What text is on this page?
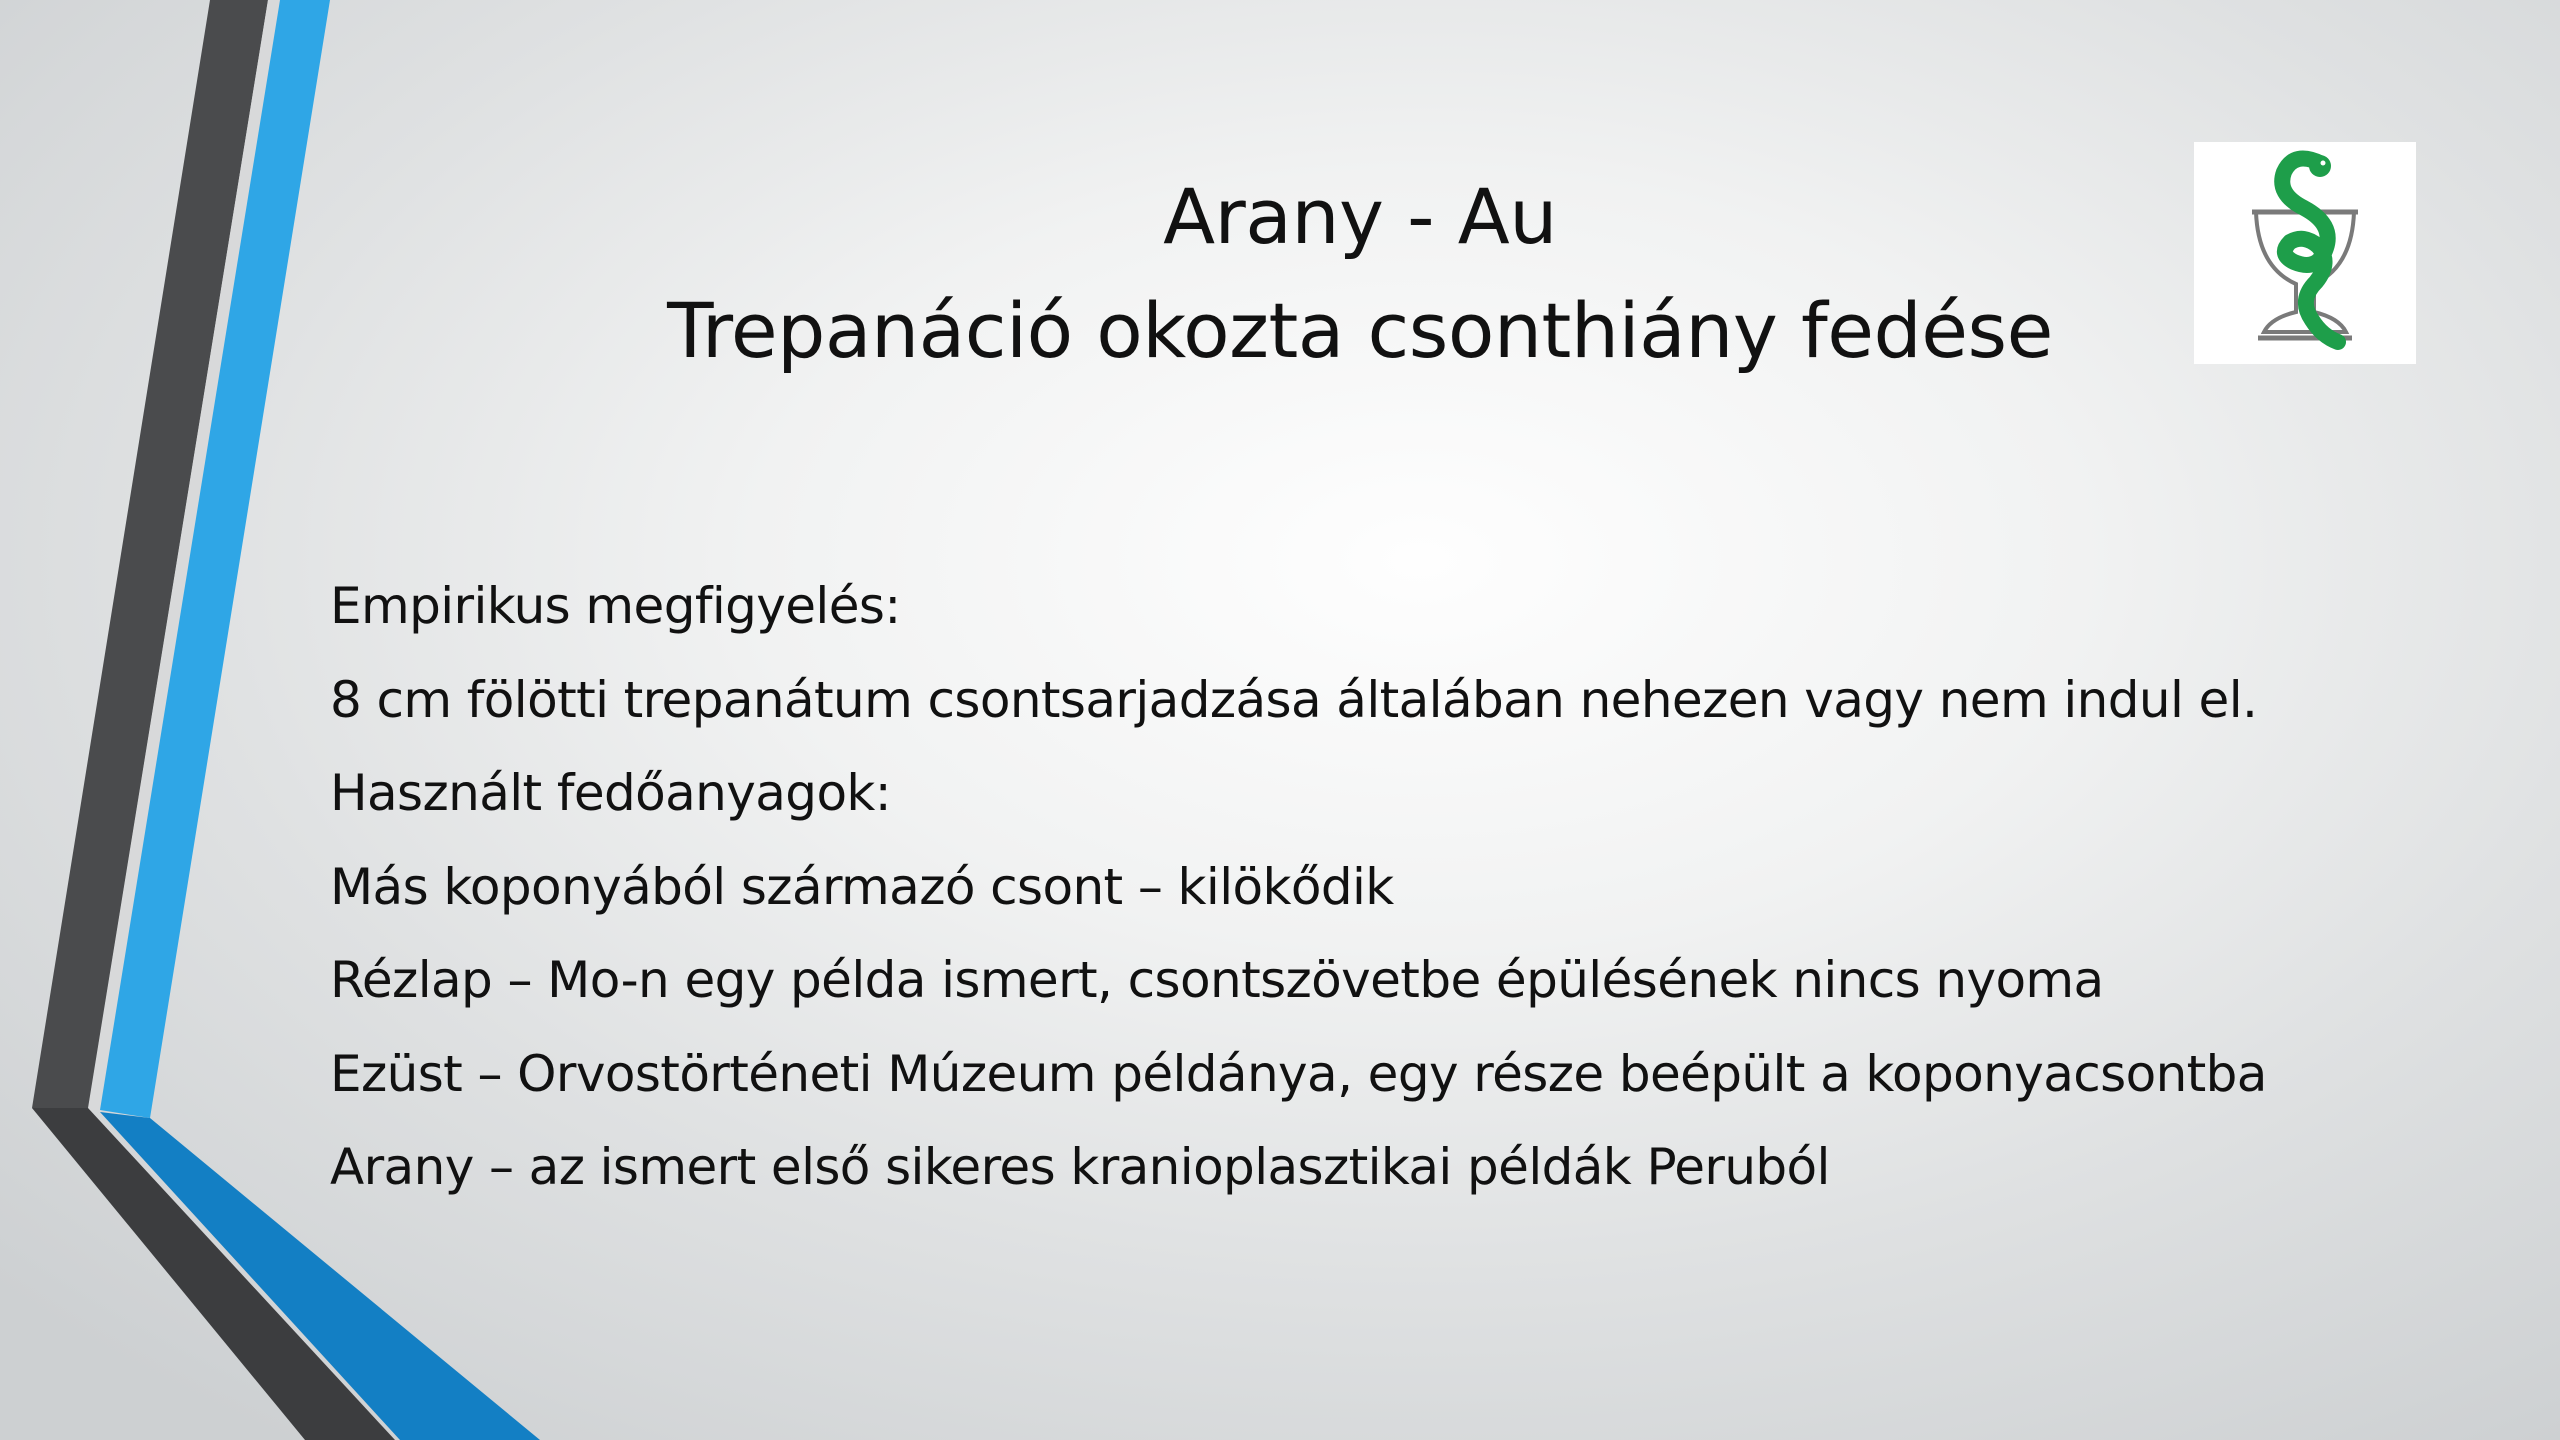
Arany - Au
Trepanáció okozta csonthiány fedése
Empirikus megfigyelés:
8 cm fölötti trepanátum csontsarjadzása általában nehezen vagy nem indul el.
Használt fedőanyagok:
Más koponyából származó csont – kilökődik
Rézlap – Mo-n egy példa ismert, csontszövetbe épülésének nincs nyoma
Ezüst – Orvostörténeti Múzeum példánya, egy része beépült a koponyacsontba
Arany – az ismert első sikeres kranioplasztikai példák Peruból
